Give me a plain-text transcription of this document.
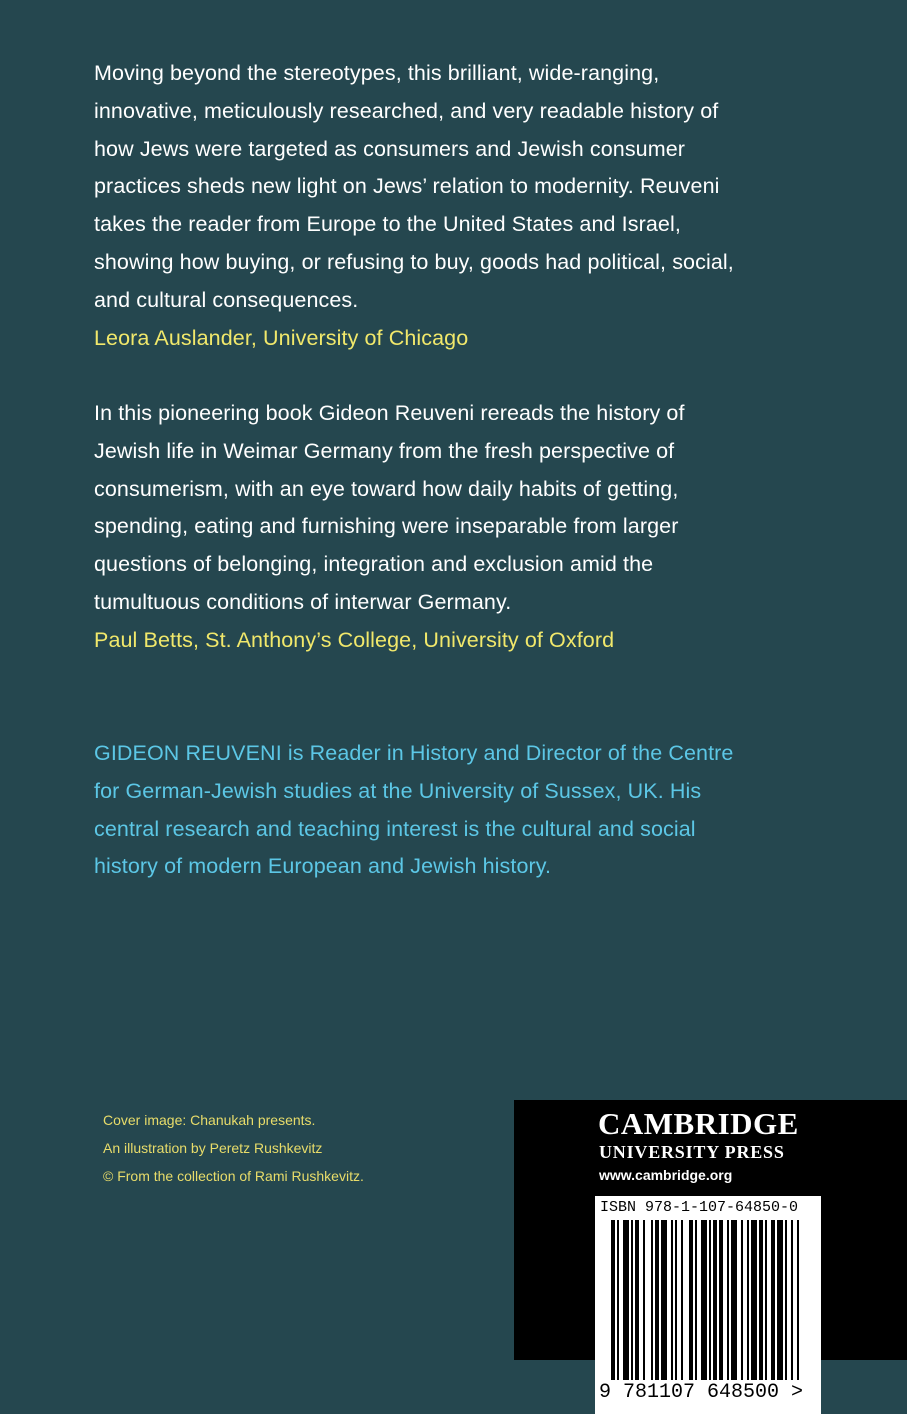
Moving beyond the stereotypes, this brilliant, wide-ranging, innovative, meticulously researched, and very readable history of how Jews were targeted as consumers and Jewish consumer practices sheds new light on Jews’ relation to modernity. Reuveni takes the reader from Europe to the United States and Israel, showing how buying, or refusing to buy, goods had political, social, and cultural consequences.

Leora Auslander, University of Chicago

In this pioneering book Gideon Reuveni rereads the history of Jewish life in Weimar Germany from the fresh perspective of consumerism, with an eye toward how daily habits of getting, spending, eating and furnishing were inseparable from larger questions of belonging, integration and exclusion amid the tumultuous conditions of interwar Germany.

Paul Betts, St. Anthony’s College, University of Oxford

GIDEON REUVENI is Reader in History and Director of the Centre for German-Jewish studies at the University of Sussex, UK. His central research and teaching interest is the cultural and social history of modern European and Jewish history.

Cover image: Chanukah presents.
An illustration by Peretz Rushkevitz
© From the collection of Rami Rushkevitz.
CAMBRIDGE
UNIVERSITY PRESS
www.cambridge.org
ISBN 978-1-107-64850-0
9 781107 648500 >
